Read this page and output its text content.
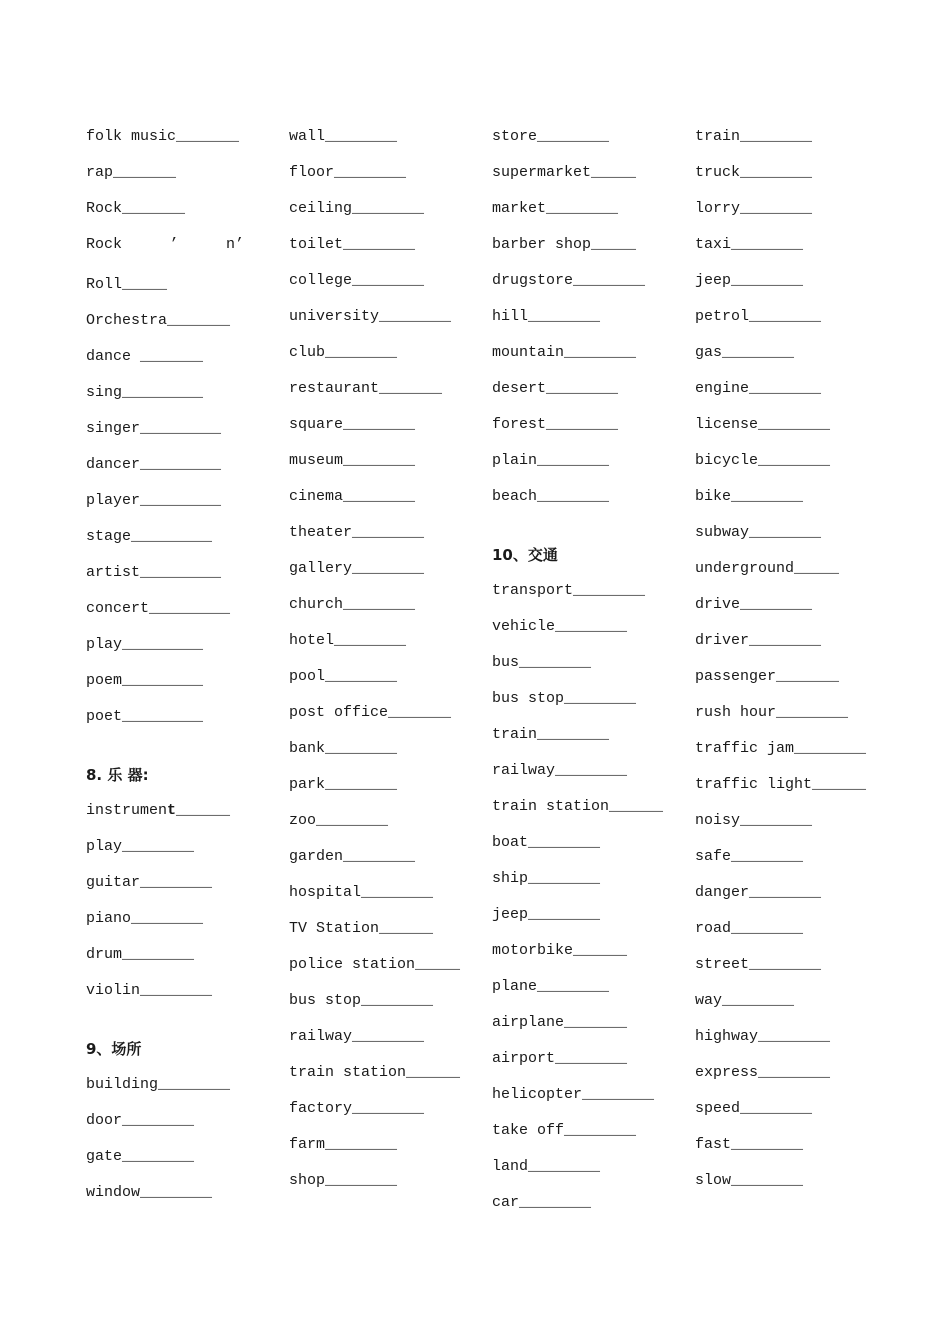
folk music_______
rap_______
Rock_______
Rock	’	n’
Roll_____
Orchestra_______
dance _______
sing_________
singer_________
dancer_________
player_________
stage_________
artist_________
concert_________
play_________
poem_________
poet_________
8. 乐 器:
instrument______
play________
guitar________
piano________
drum________
violin________
9、场所
building________
door________
gate________
window________
wall________
floor________
ceiling________
toilet________
college________
university________
club________
restaurant_______
square________
museum________
cinema________
theater________
gallery________
church________
hotel________
pool________
post office_______
bank________
park________
zoo________
garden________
hospital________
TV Station______
police station_____
bus stop________
railway________
train station______
factory________
farm________
shop________
store________
supermarket_____
market________
barber shop_____
drugstore________
hill________
mountain________
desert________
forest________
plain________
beach________
10、交通
transport________
vehicle________
bus________
bus stop________
train________
railway________
train station______
boat________
ship________
jeep________
motorbike______
plane________
airplane_______
airport________
helicopter________
take off________
land________
car________
train________
truck________
lorry________
taxi________
jeep________
petrol________
gas________
engine________
license________
bicycle________
bike________
subway________
underground_____
drive________
driver________
passenger_______
rush hour________
traffic jam________
traffic light______
noisy________
safe________
danger________
road________
street________
way________
highway________
express________
speed________
fast________
slow________
